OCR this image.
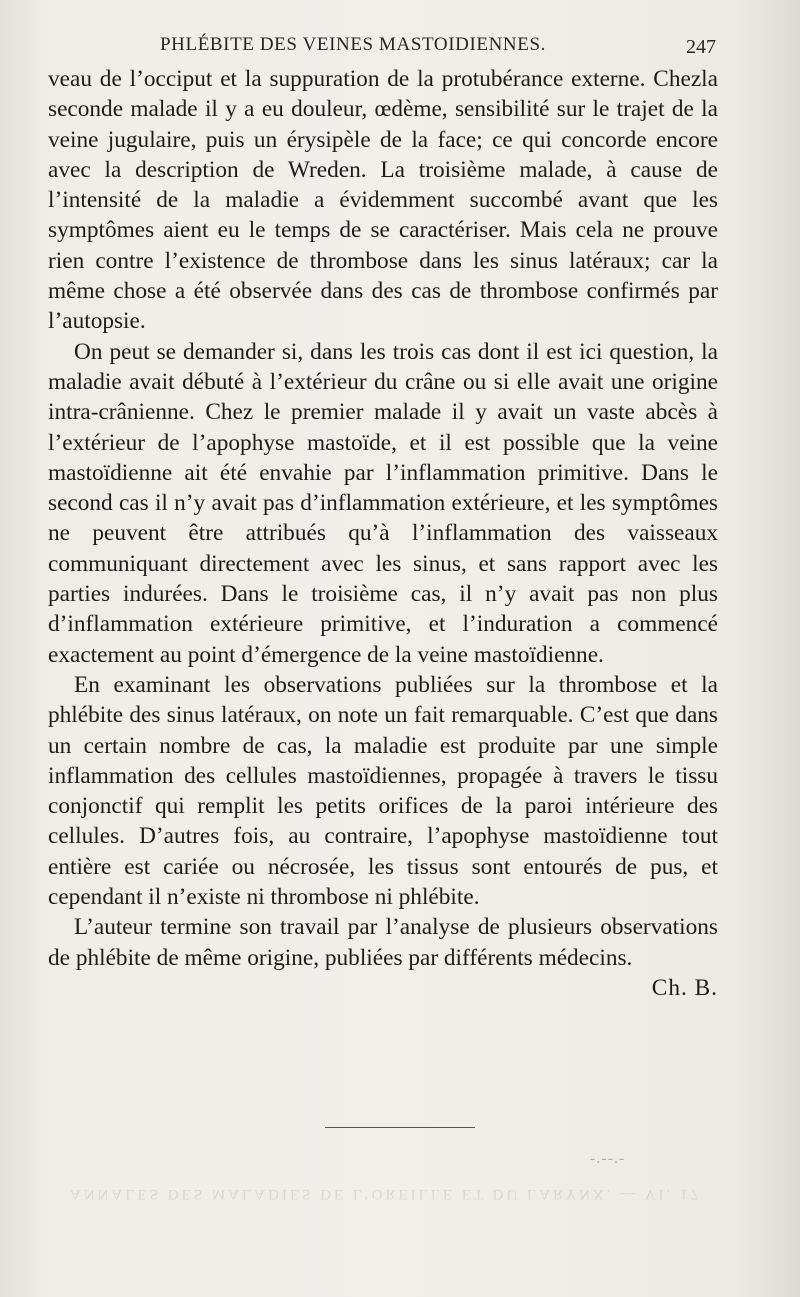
PHLÉBITE DES VEINES MASTOIDIENNES.	247

veau de l’occiput et la suppuration de la protubérance externe. Chezla seconde malade il y a eu douleur, œdème, sensibilité sur le trajet de la veine jugulaire, puis un érysipèle de la face; ce qui concorde encore avec la description de Wreden. La troisième malade, à cause de l’intensité de la maladie a évidemment succombé avant que les symptômes aient eu le temps de se caractériser. Mais cela ne prouve rien contre l’existence de thrombose dans les sinus latéraux; car la même chose a été observée dans des cas de thrombose confirmés par l’autopsie.

On peut se demander si, dans les trois cas dont il est ici question, la maladie avait débuté à l’extérieur du crâne ou si elle avait une origine intra-crânienne. Chez le premier malade il y avait un vaste abcès à l’extérieur de l’apophyse mastoïde, et il est possible que la veine mastoïdienne ait été envahie par l’inflammation primitive. Dans le second cas il n’y avait pas d’inflammation extérieure, et les symptômes ne peuvent être attribués qu’à l’inflammation des vaisseaux communiquant directement avec les sinus, et sans rapport avec les parties indurées. Dans le troisième cas, il n’y avait pas non plus d’inflammation extérieure primitive, et l’induration a commencé exactement au point d’émergence de la veine mastoïdienne.

En examinant les observations publiées sur la thrombose et la phlébite des sinus latéraux, on note un fait remarquable. C’est que dans un certain nombre de cas, la maladie est produite par une simple inflammation des cellules mastoïdiennes, propagée à travers le tissu conjonctif qui remplit les petits orifices de la paroi intérieure des cellules. D’autres fois, au contraire, l’apophyse mastoïdienne tout entière est cariée ou nécrosée, les tissus sont entourés de pus, et cependant il n’existe ni thrombose ni phlébite.

L’auteur termine son travail par l’analyse de plusieurs observations de phlébite de même origine, publiées par différents médecins.
Ch. B.

-.--.-
ANNALES DES MALADIES DE L’OREILLE ET DU LARYNX. — VI. 17
